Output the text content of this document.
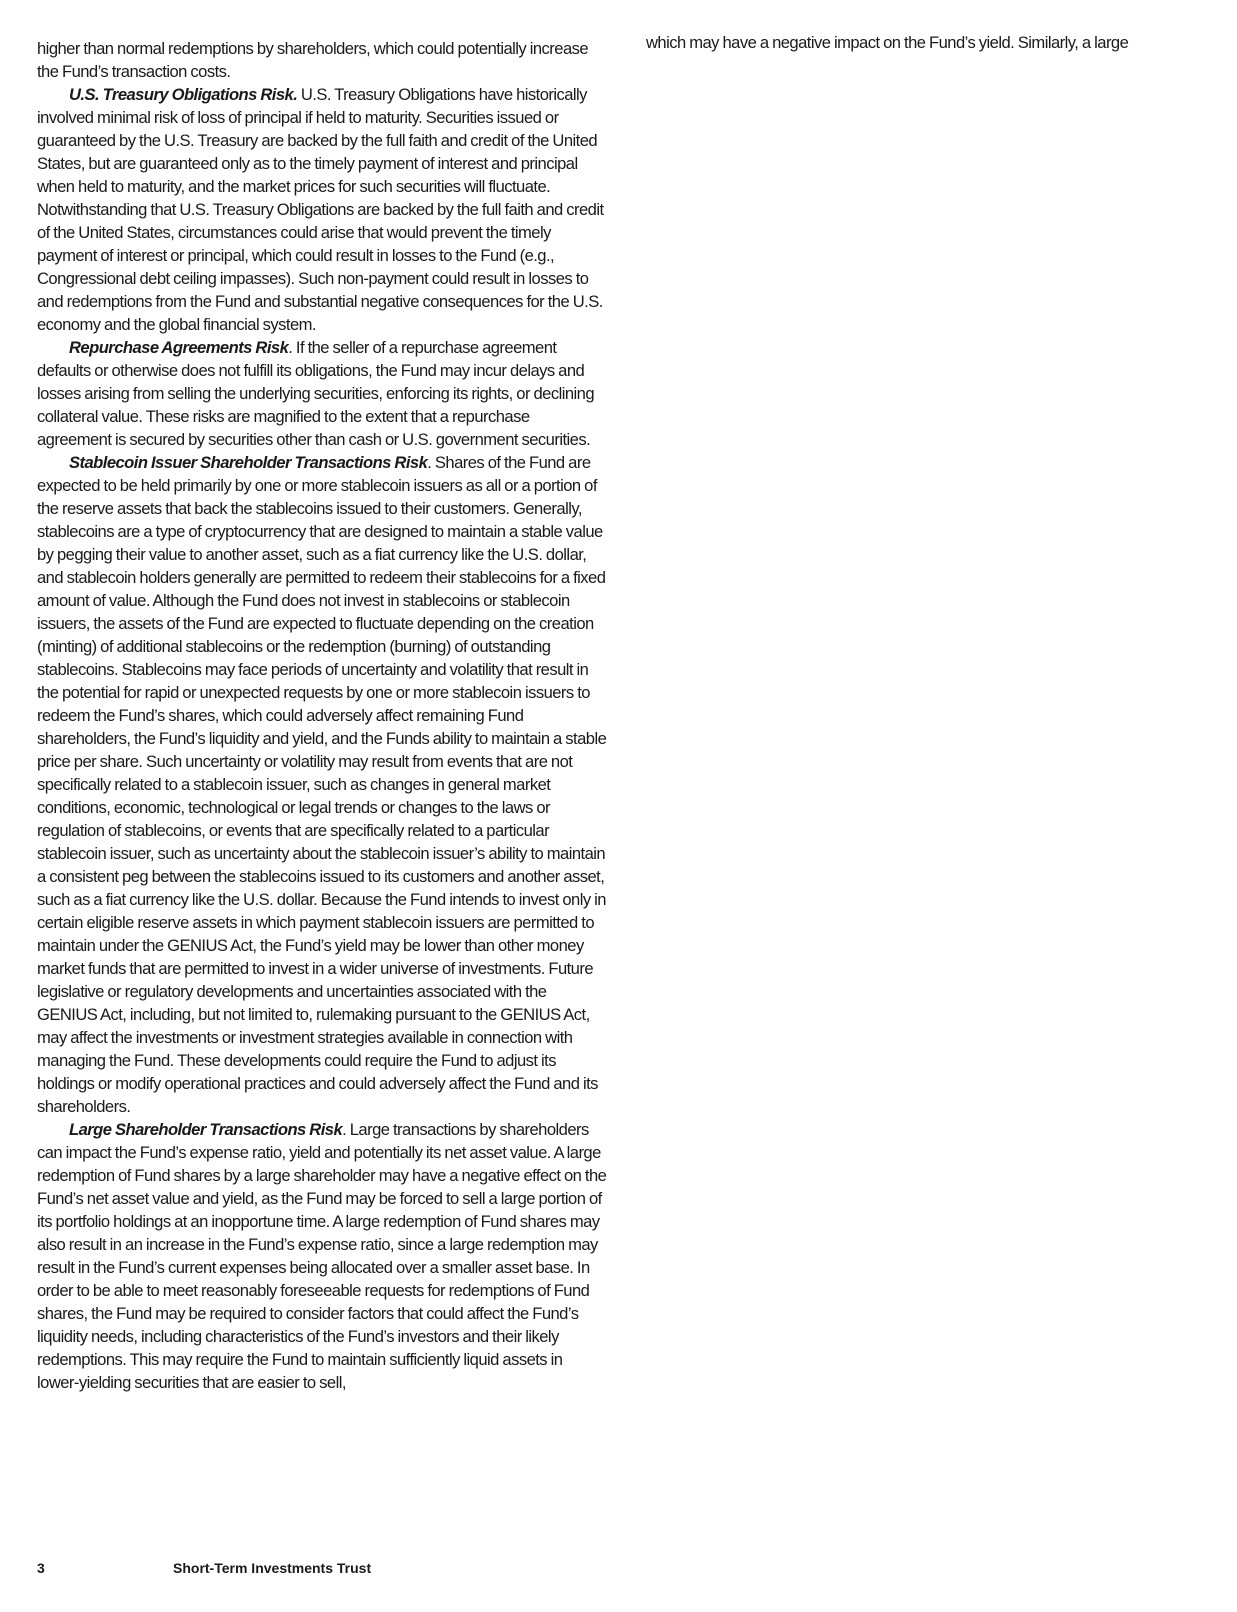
higher than normal redemptions by shareholders, which could potentially increase the Fund’s transaction costs.

U.S. Treasury Obligations Risk. U.S. Treasury Obligations have historically involved minimal risk of loss of principal if held to maturity. Securities issued or guaranteed by the U.S. Treasury are backed by the full faith and credit of the United States, but are guaranteed only as to the timely payment of interest and principal when held to maturity, and the market prices for such securities will fluctuate. Notwithstanding that U.S. Treasury Obligations are backed by the full faith and credit of the United States, circumstances could arise that would prevent the timely payment of interest or principal, which could result in losses to the Fund (e.g., Congressional debt ceiling impasses). Such non-payment could result in losses to and redemptions from the Fund and substantial negative consequences for the U.S. economy and the global financial system.

Repurchase Agreements Risk. If the seller of a repurchase agreement defaults or otherwise does not fulfill its obligations, the Fund may incur delays and losses arising from selling the underlying securities, enforcing its rights, or declining collateral value. These risks are magnified to the extent that a repurchase agreement is secured by securities other than cash or U.S. government securities.

Stablecoin Issuer Shareholder Transactions Risk. Shares of the Fund are expected to be held primarily by one or more stablecoin issuers as all or a portion of the reserve assets that back the stablecoins issued to their customers. Generally, stablecoins are a type of cryptocurrency that are designed to maintain a stable value by pegging their value to another asset, such as a fiat currency like the U.S. dollar, and stablecoin holders generally are permitted to redeem their stablecoins for a fixed amount of value. Although the Fund does not invest in stablecoins or stablecoin issuers, the assets of the Fund are expected to fluctuate depending on the creation (minting) of additional stablecoins or the redemption (burning) of outstanding stablecoins. Stablecoins may face periods of uncertainty and volatility that result in the potential for rapid or unexpected requests by one or more stablecoin issuers to redeem the Fund’s shares, which could adversely affect remaining Fund shareholders, the Fund’s liquidity and yield, and the Funds ability to maintain a stable price per share. Such uncertainty or volatility may result from events that are not specifically related to a stablecoin issuer, such as changes in general market conditions, economic, technological or legal trends or changes to the laws or regulation of stablecoins, or events that are specifically related to a particular stablecoin issuer, such as uncertainty about the stablecoin issuer’s ability to maintain a consistent peg between the stablecoins issued to its customers and another asset, such as a fiat currency like the U.S. dollar. Because the Fund intends to invest only in certain eligible reserve assets in which payment stablecoin issuers are permitted to maintain under the GENIUS Act, the Fund’s yield may be lower than other money market funds that are permitted to invest in a wider universe of investments. Future legislative or regulatory developments and uncertainties associated with the GENIUS Act, including, but not limited to, rulemaking pursuant to the GENIUS Act, may affect the investments or investment strategies available in connection with managing the Fund. These developments could require the Fund to adjust its holdings or modify operational practices and could adversely affect the Fund and its shareholders.

Large Shareholder Transactions Risk. Large transactions by shareholders can impact the Fund’s expense ratio, yield and potentially its net asset value. A large redemption of Fund shares by a large shareholder may have a negative effect on the Fund’s net asset value and yield, as the Fund may be forced to sell a large portion of its portfolio holdings at an inopportune time. A large redemption of Fund shares may also result in an increase in the Fund’s expense ratio, since a large redemption may result in the Fund’s current expenses being allocated over a smaller asset base. In order to be able to meet reasonably foreseeable requests for redemptions of Fund shares, the Fund may be required to consider factors that could affect the Fund’s liquidity needs, including characteristics of the Fund’s investors and their likely redemptions. This may require the Fund to maintain sufficiently liquid assets in lower-yielding securities that are easier to sell,

which may have a negative impact on the Fund’s yield. Similarly, a large

3	Short-Term Investments Trust
